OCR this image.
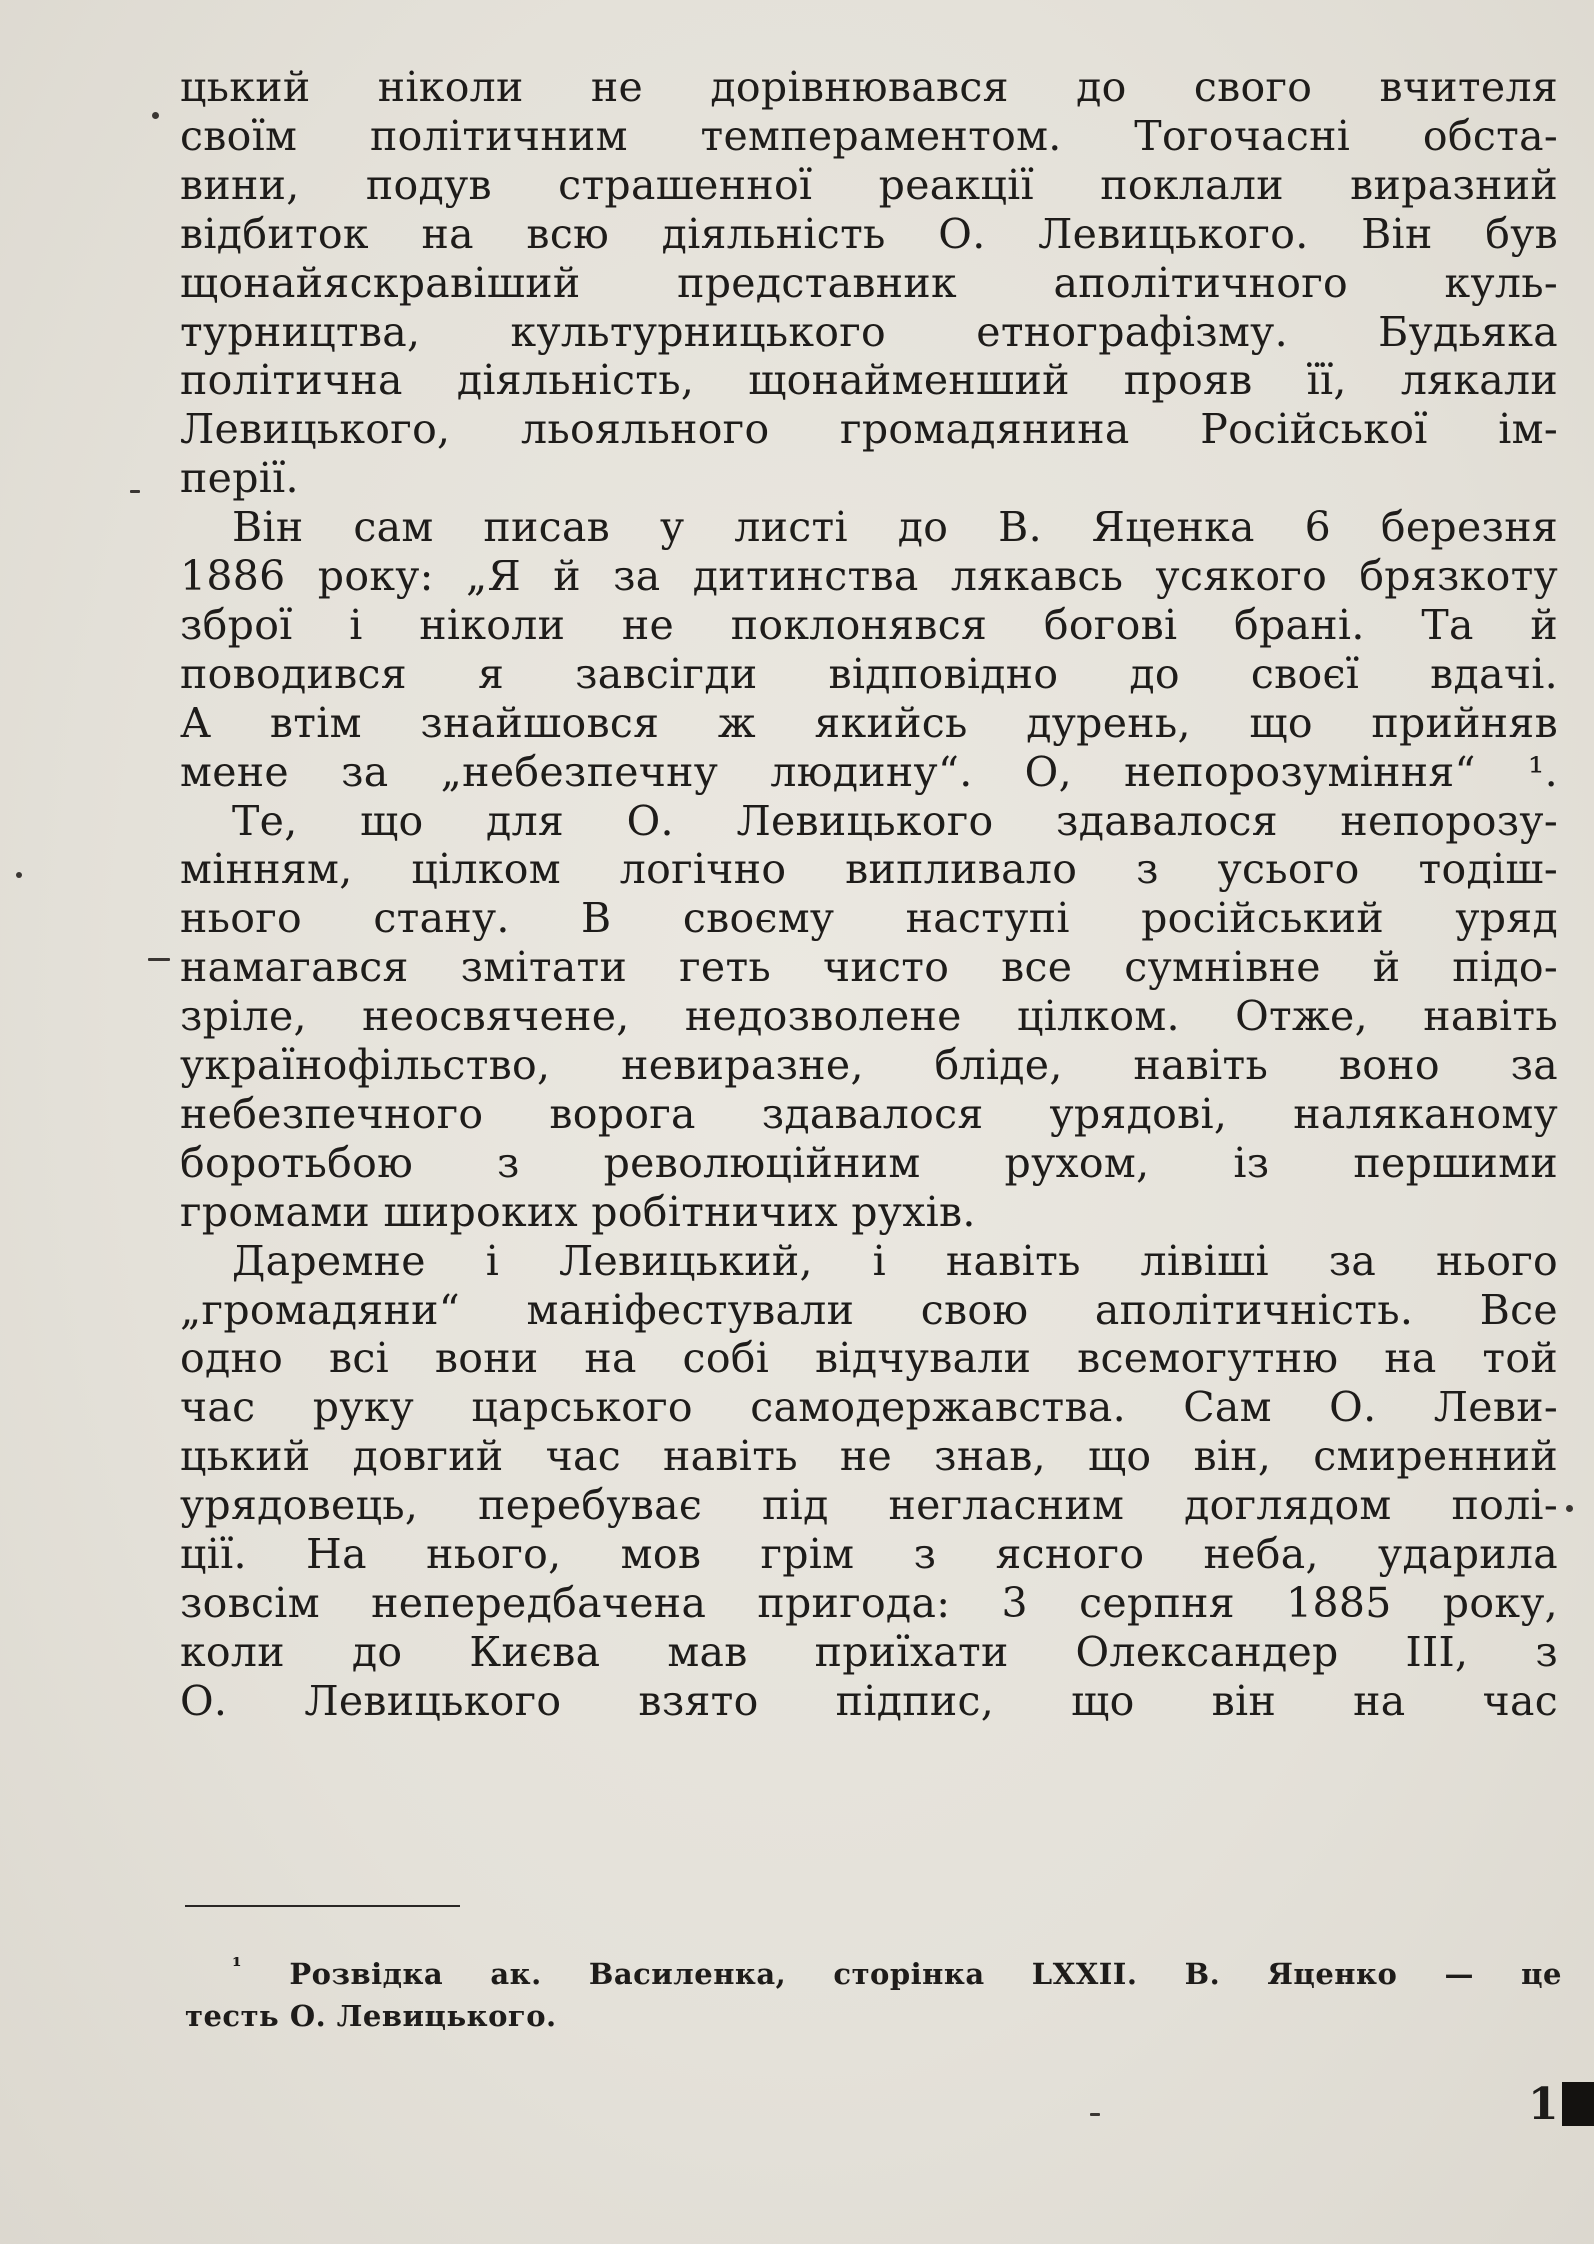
цький ніколи не дорівнювався до свого вчителя
своїм політичним темпераментом. Тогочасні обста-
вини, подув страшенної реакції поклали виразний
відбиток на всю діяльність О. Левицького. Він був
щонайяскравіший представник аполітичного куль-
турництва, культурницького етнографізму. Будьяка
політична діяльність, щонайменший прояв її, лякали
Левицького, льояльного громадянина Російської ім-
перії.
Він сам писав у листі до В. Яценка 6 березня
1886 року: „Я й за дитинства лякавсь усякого брязкоту
зброї і ніколи не поклонявся богові брані. Та й
поводився я завсігди відповідно до своєї вдачі.
А втім знайшовся ж якийсь дурень, що прийняв
мене за „небезпечну людину“. О, непорозуміння“ ¹.
Те, що для О. Левицького здавалося непорозу-
мінням, цілком логічно випливало з усього тодіш-
нього стану. В своєму наступі російський уряд
намагався змітати геть чисто все сумнівне й підо-
зріле, неосвячене, недозволене цілком. Отже, навіть
українофільство, невиразне, бліде, навіть воно за
небезпечного ворога здавалося урядові, наляканому
боротьбою з революційним рухом, із першими
громами широких робітничих рухів.
Даремне і Левицький, і навіть лівіші за нього
„громадяни“ маніфестували свою аполітичність. Все
одно всі вони на собі відчували всемогутню на той
час руку царського самодержавства. Сам О. Леви-
цький довгий час навіть не знав, що він, смиренний
урядовець, перебуває під негласним доглядом полі-
ції. На нього, мов грім з ясного неба, ударила
зовсім непередбачена пригода: 3 серпня 1885 року,
коли до Києва мав приїхати Олександер III, з
О. Левицького взято підпис, що він на час
$^{^1}$ Розвідка ак. Василенка, сторінка LXXII. В. Яценко — це
тесть О. Левицького.
1
